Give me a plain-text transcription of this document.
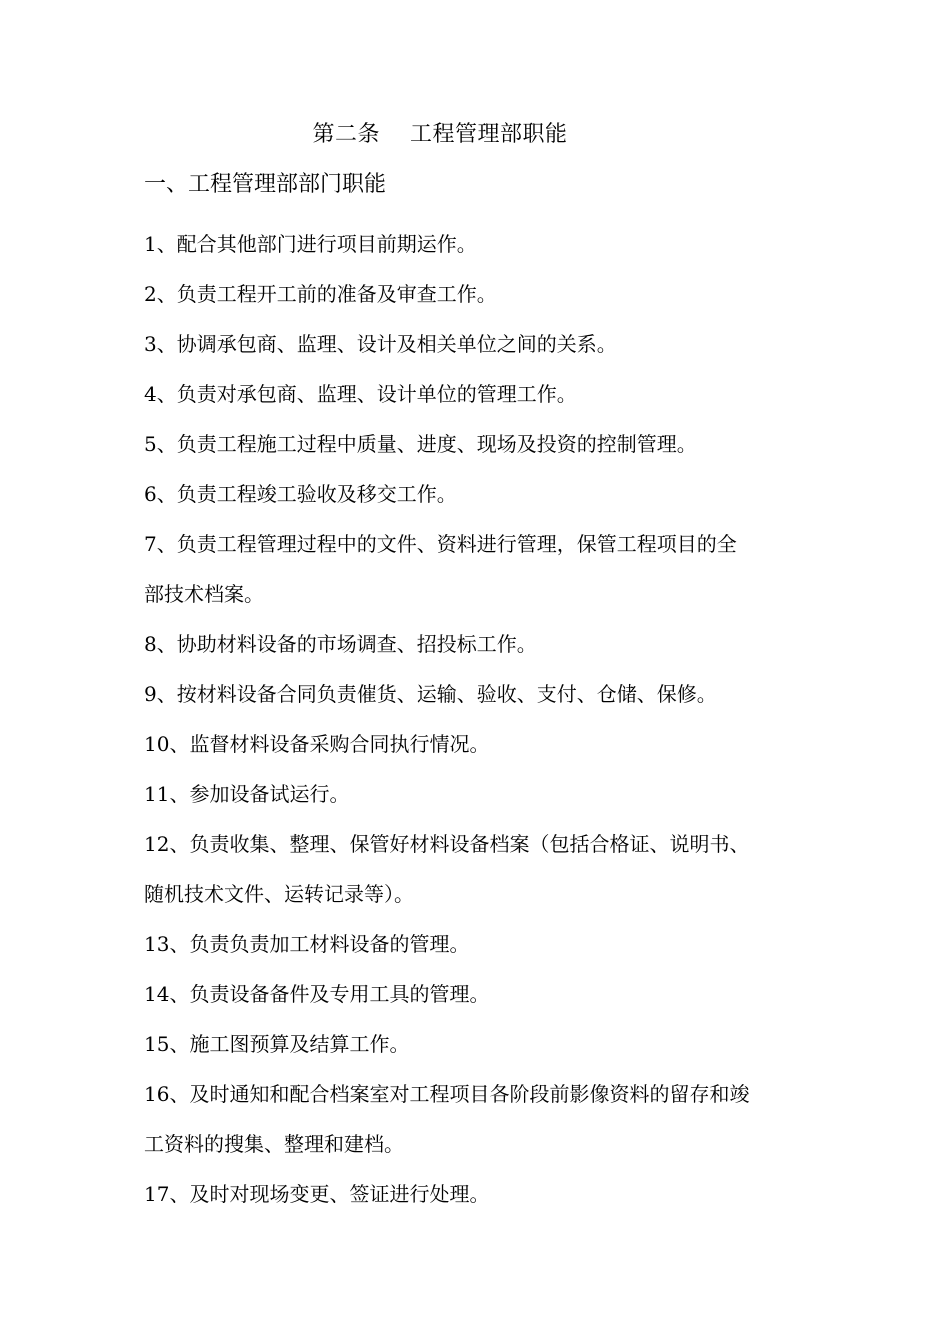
第二条    工程管理部职能
一、工程管理部部门职能
1、配合其他部门进行项目前期运作。
2、负责工程开工前的准备及审查工作。
3、协调承包商、监理、设计及相关单位之间的关系。
4、负责对承包商、监理、设计单位的管理工作。
5、负责工程施工过程中质量、进度、现场及投资的控制管理。
6、负责工程竣工验收及移交工作。
7、负责工程管理过程中的文件、资料进行管理，保管工程项目的全
部技术档案。
8、协助材料设备的市场调查、招投标工作。
9、按材料设备合同负责催货、运输、验收、支付、仓储、保修。
10、监督材料设备采购合同执行情况。
11、参加设备试运行。
12、负责收集、整理、保管好材料设备档案（包括合格证、说明书、
随机技术文件、运转记录等）。
13、负责负责加工材料设备的管理。
14、负责设备备件及专用工具的管理。
15、施工图预算及结算工作。
16、及时通知和配合档案室对工程项目各阶段前影像资料的留存和竣
工资料的搜集、整理和建档。
17、及时对现场变更、签证进行处理。
